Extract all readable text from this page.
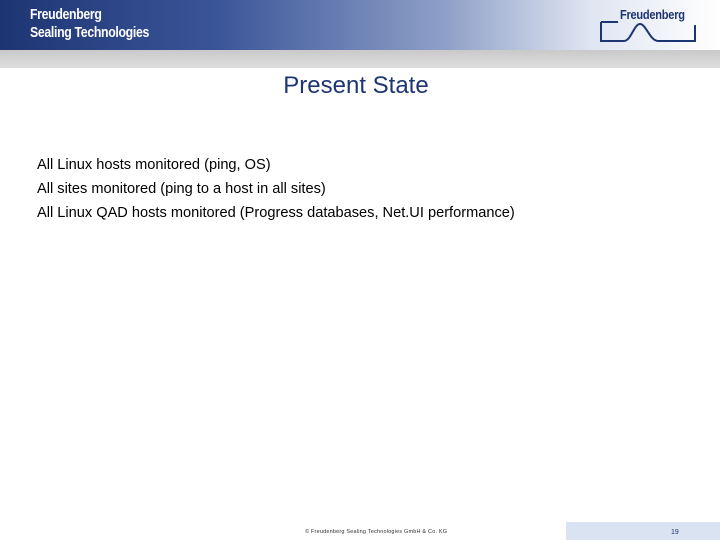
Freudenberg
Sealing Technologies
Freudenberg
Present State
All Linux hosts monitored (ping, OS)
All sites monitored (ping to a host in all sites)
All Linux QAD hosts monitored (Progress databases, Net.UI performance)
© Freudenberg Sealing Technologies GmbH & Co. KG	19
